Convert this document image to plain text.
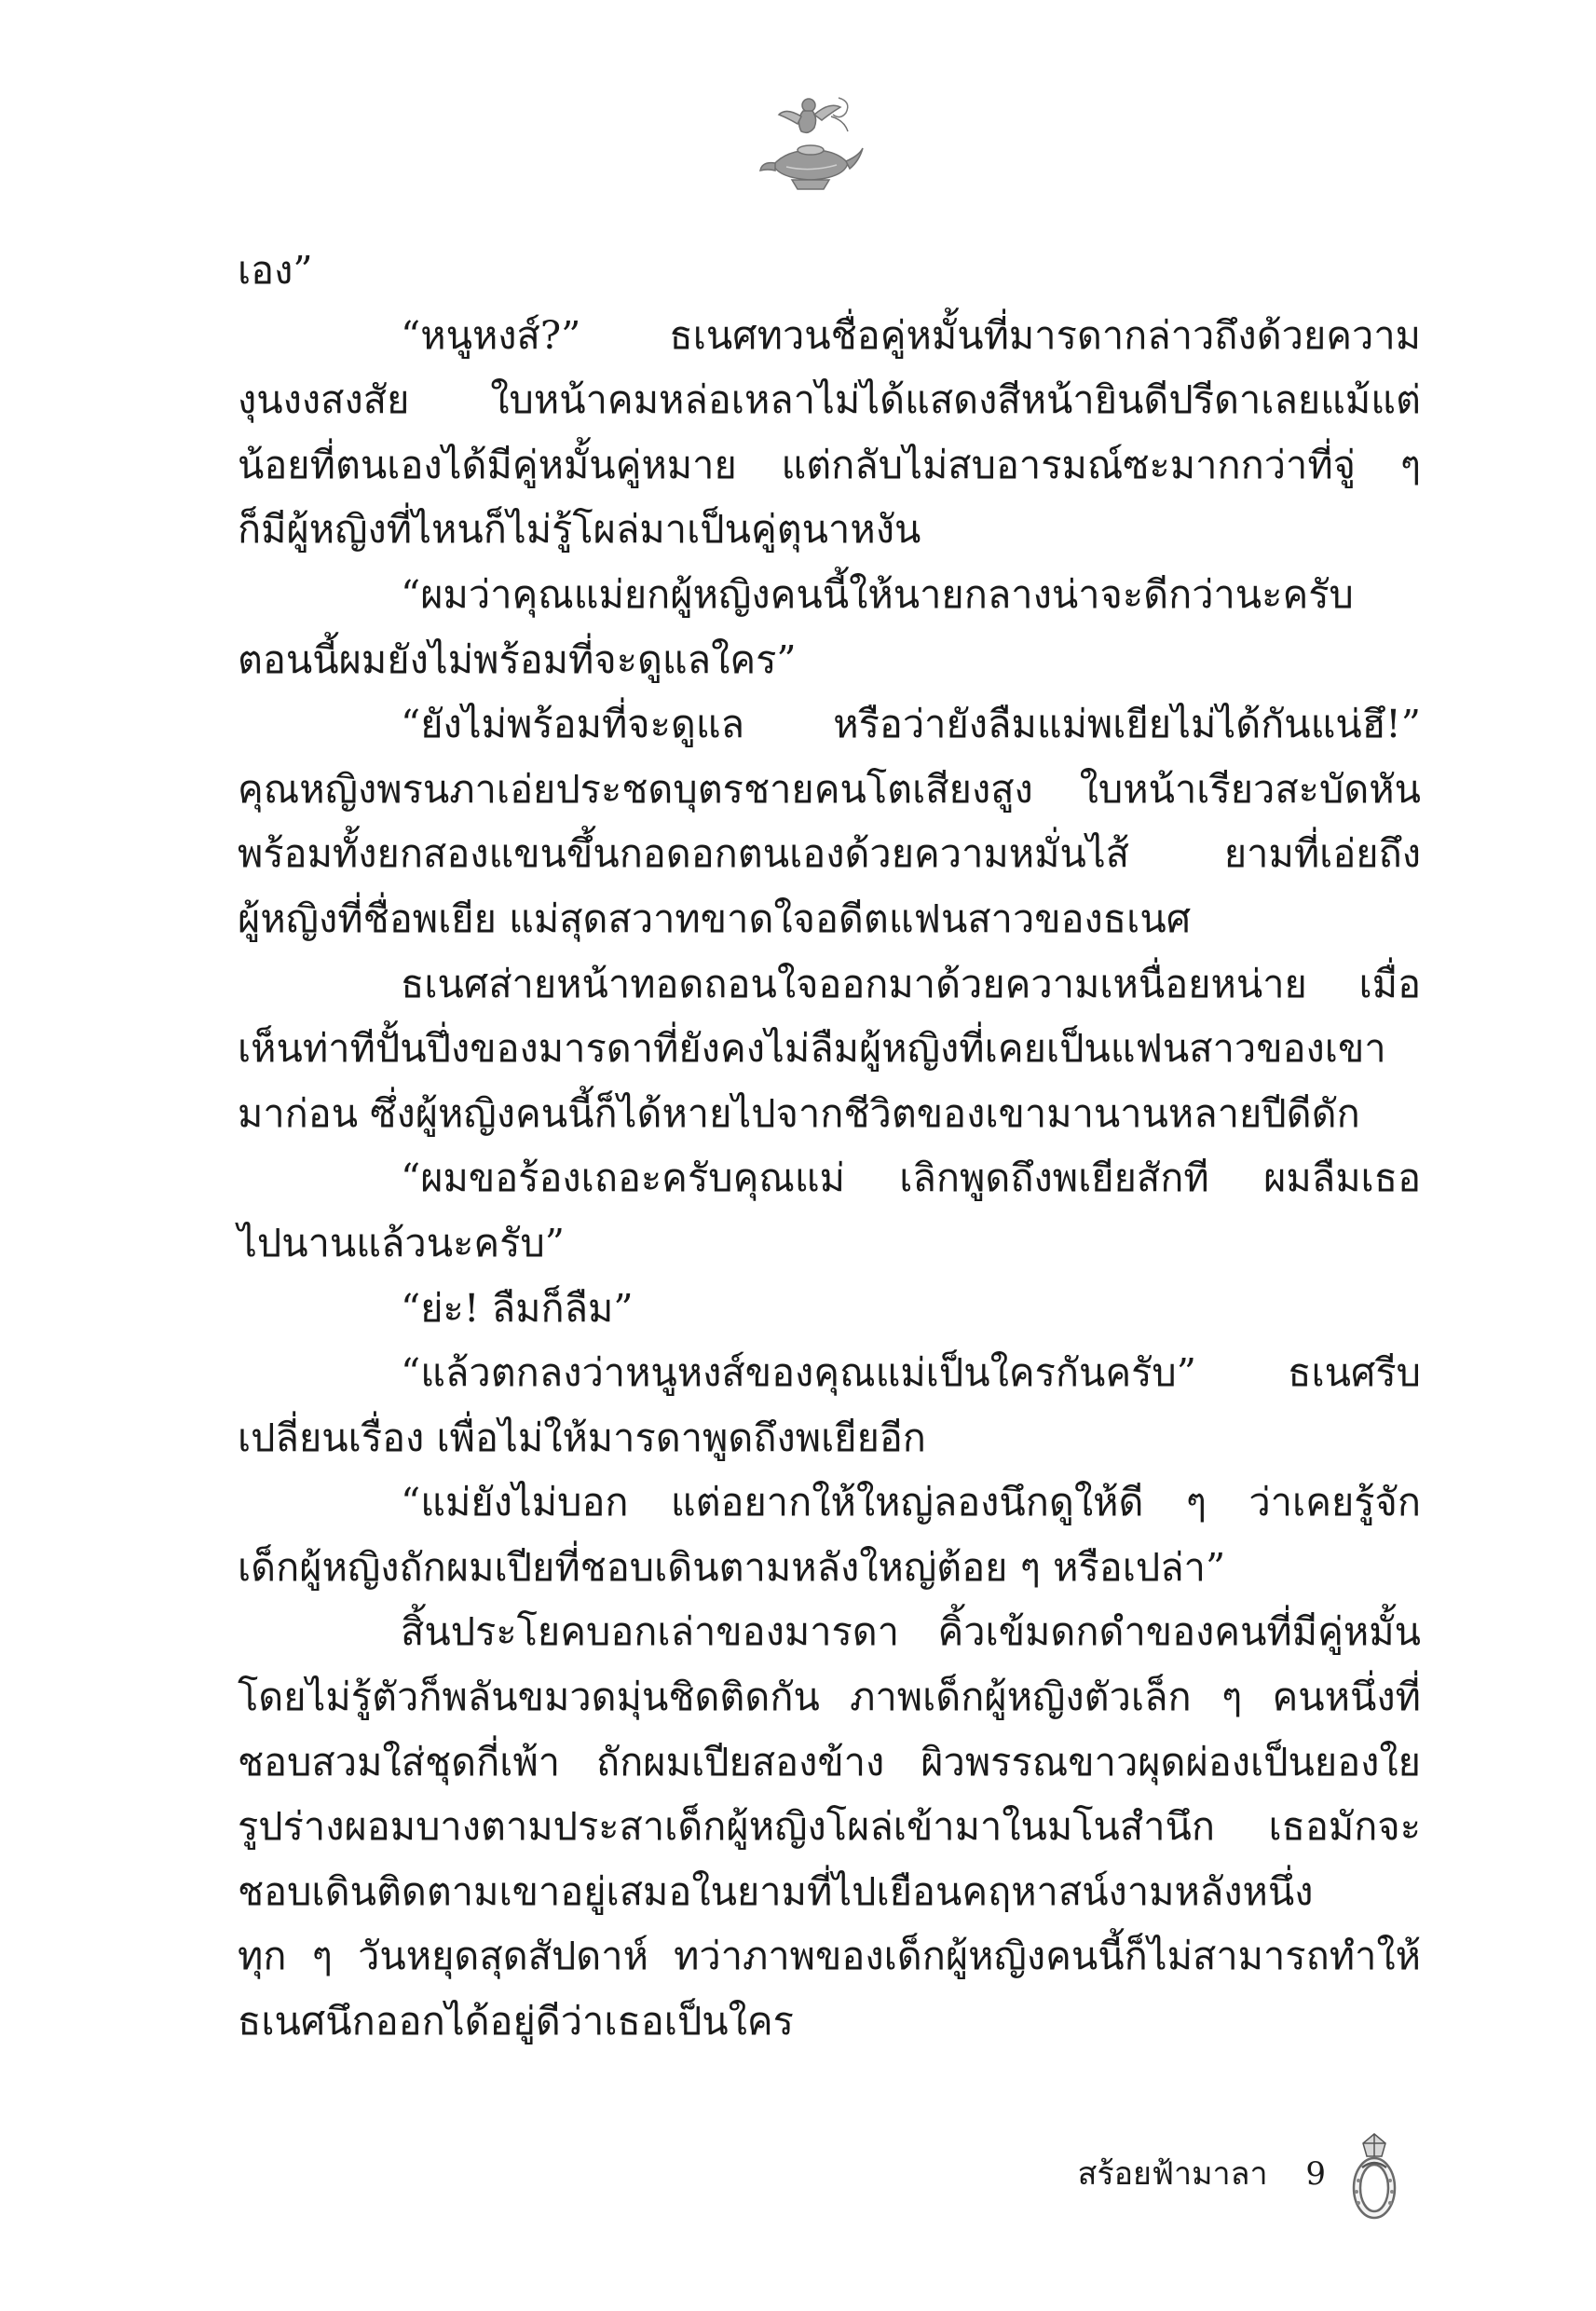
เอง”
“หนูหงส์?” ธเนศทวนชื่อคู่หมั้นที่มารดากล่าวถึงด้วยความ
งุนงงสงสัย ใบหน้าคมหล่อเหลาไม่ได้แสดงสีหน้ายินดีปรีดาเลยแม้แต่
น้อยที่ตนเองได้มีคู่หมั้นคู่หมาย แต่กลับไม่สบอารมณ์ซะมากกว่าที่จู่ ๆ
ก็มีผู้หญิงที่ไหนก็ไม่รู้โผล่มาเป็นคู่ตุนาหงัน
“ผมว่าคุณแม่ยกผู้หญิงคนนี้ให้นายกลางน่าจะดีกว่านะครับ
ตอนนี้ผมยังไม่พร้อมที่จะดูแลใคร”
“ยังไม่พร้อมที่จะดูแล หรือว่ายังลืมแม่พเยียไม่ได้กันแน่ฮึ!”
คุณหญิงพรนภาเอ่ยประชดบุตรชายคนโตเสียงสูง ใบหน้าเรียวสะบัดหัน
พร้อมทั้งยกสองแขนขึ้นกอดอกตนเองด้วยความหมั่นไส้ ยามที่เอ่ยถึง
ผู้หญิงที่ชื่อพเยีย แม่สุดสวาทขาดใจอดีตแฟนสาวของธเนศ
ธเนศส่ายหน้าทอดถอนใจออกมาด้วยความเหนื่อยหน่าย เมื่อ
เห็นท่าทีปั้นปึ่งของมารดาที่ยังคงไม่ลืมผู้หญิงที่เคยเป็นแฟนสาวของเขา
มาก่อน ซึ่งผู้หญิงคนนี้ก็ได้หายไปจากชีวิตของเขามานานหลายปีดีดัก
“ผมขอร้องเถอะครับคุณแม่ เลิกพูดถึงพเยียสักที ผมลืมเธอ
ไปนานแล้วนะครับ”
“ย่ะ! ลืมก็ลืม”
“แล้วตกลงว่าหนูหงส์ของคุณแม่เป็นใครกันครับ” ธเนศรีบ
เปลี่ยนเรื่อง เพื่อไม่ให้มารดาพูดถึงพเยียอีก
“แม่ยังไม่บอก แต่อยากให้ใหญ่ลองนึกดูให้ดี ๆ ว่าเคยรู้จัก
เด็กผู้หญิงถักผมเปียที่ชอบเดินตามหลังใหญ่ต้อย ๆ หรือเปล่า”
สิ้นประโยคบอกเล่าของมารดา คิ้วเข้มดกดำของคนที่มีคู่หมั้น
โดยไม่รู้ตัวก็พลันขมวดมุ่นชิดติดกัน ภาพเด็กผู้หญิงตัวเล็ก ๆ คนหนึ่งที่
ชอบสวมใส่ชุดกี่เพ้า ถักผมเปียสองข้าง ผิวพรรณขาวผุดผ่องเป็นยองใย
รูปร่างผอมบางตามประสาเด็กผู้หญิงโผล่เข้ามาในมโนสำนึก เธอมักจะ
ชอบเดินติดตามเขาอยู่เสมอในยามที่ไปเยือนคฤหาสน์งามหลังหนึ่ง
ทุก ๆ วันหยุดสุดสัปดาห์ ทว่าภาพของเด็กผู้หญิงคนนี้ก็ไม่สามารถทำให้
ธเนศนึกออกได้อยู่ดีว่าเธอเป็นใคร
สร้อยฟ้ามาลา 9
